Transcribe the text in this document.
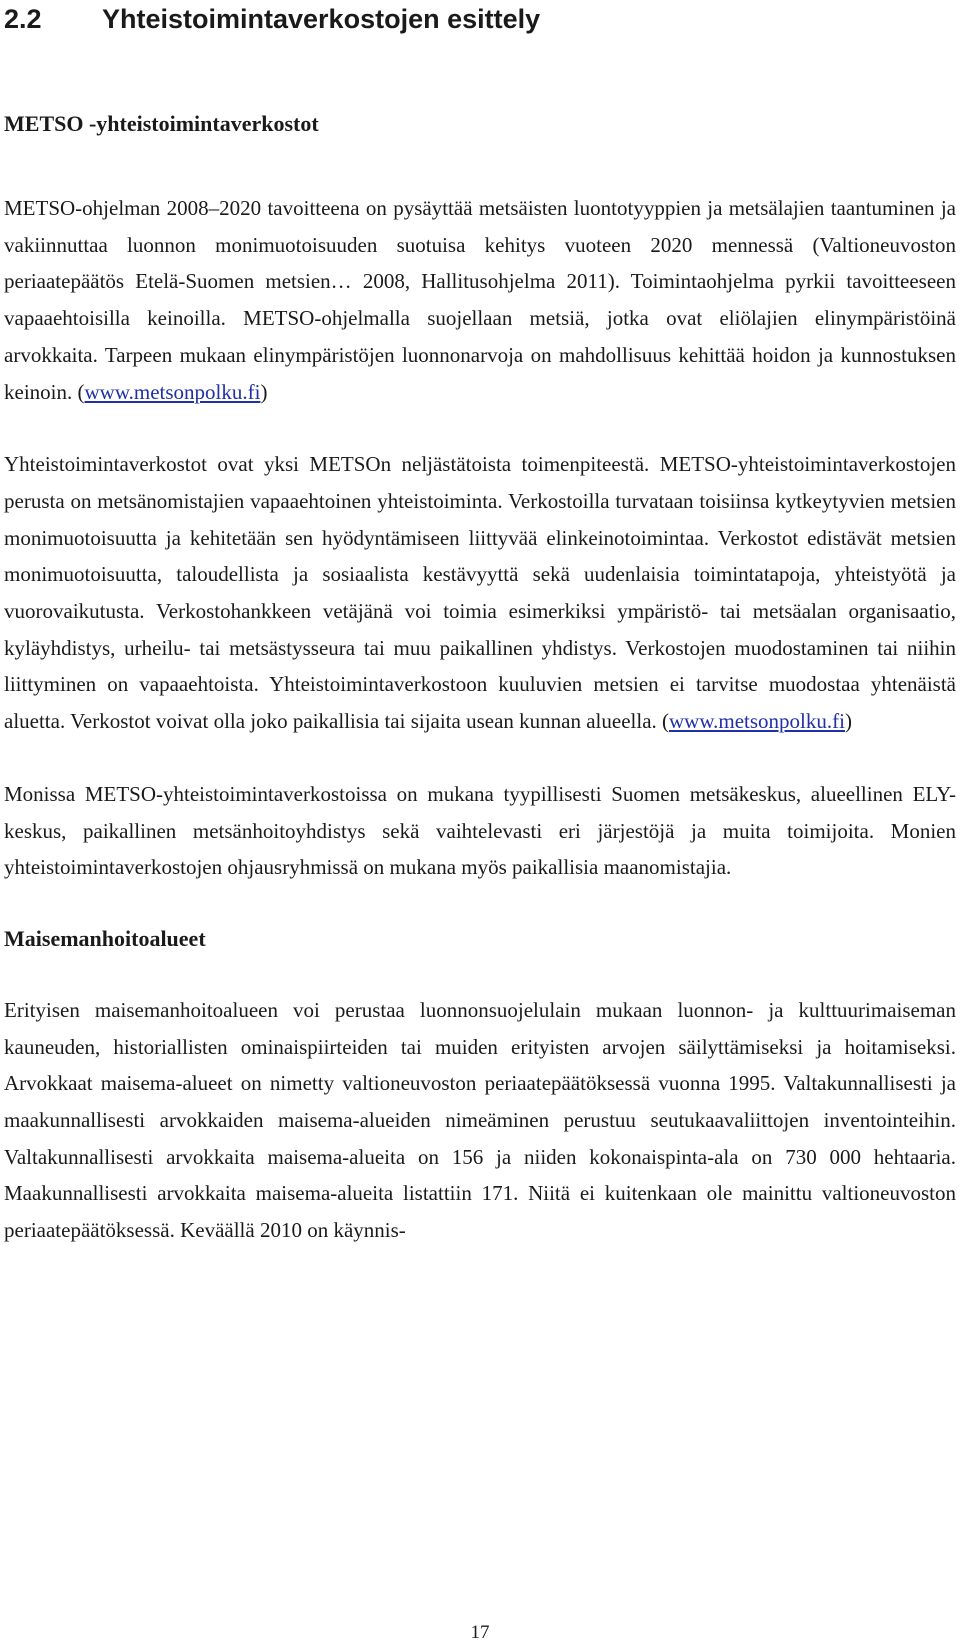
2.2 Yhteistoimintaverkostojen esittely
METSO -yhteistoimintaverkostot

METSO-ohjelman 2008–2020 tavoitteena on pysäyttää metsäisten luontotyyppien ja metsälajien taantuminen ja vakiinnuttaa luonnon monimuotoisuuden suotuisa kehitys vuoteen 2020 mennessä (Valtioneuvoston periaatepäätös Etelä-Suomen metsien… 2008, Hallitusohjelma 2011). Toimintaohjelma pyrkii tavoitteeseen vapaaehtoisilla keinoilla. METSO-ohjelmalla suojellaan metsiä, jotka ovat eliölajien elinympäristöinä arvokkaita. Tarpeen mukaan elinympäristöjen luonnonarvoja on mahdollisuus kehittää hoidon ja kunnostuksen keinoin. (www.metsonpolku.fi)

Yhteistoimintaverkostot ovat yksi METSOn neljästätoista toimenpiteestä. METSO-yhteistoimintaverkostojen perusta on metsänomistajien vapaaehtoinen yhteistoiminta. Verkostoilla turvataan toisiinsa kytkeytyvien metsien monimuotoisuutta ja kehitetään sen hyödyntämiseen liittyvää elinkeinotoimintaa. Verkostot edistävät metsien monimuotoisuutta, taloudellista ja sosiaalista kestävyyttä sekä uudenlaisia toimintatapoja, yhteistyötä ja vuorovaikutusta. Verkostohankkeen vetäjänä voi toimia esimerkiksi ympäristö- tai metsäalan organisaatio, kyläyhdistys, urheilu- tai metsästysseura tai muu paikallinen yhdistys. Verkostojen muodostaminen tai niihin liittyminen on vapaaehtoista. Yhteistoimintaverkostoon kuuluvien metsien ei tarvitse muodostaa yhtenäistä aluetta. Verkostot voivat olla joko paikallisia tai sijaita usean kunnan alueella. (www.metsonpolku.fi)

Monissa METSO-yhteistoimintaverkostoissa on mukana tyypillisesti Suomen metsäkeskus, alueellinen ELY-keskus, paikallinen metsänhoitoyhdistys sekä vaihtelevasti eri järjestöjä ja muita toimijoita. Monien yhteistoimintaverkostojen ohjausryhmissä on mukana myös paikallisia maanomistajia.

Maisemanhoitoalueet

Erityisen maisemanhoitoalueen voi perustaa luonnonsuojelulain mukaan luonnon- ja kulttuurimaiseman kauneuden, historiallisten ominaispiirteiden tai muiden erityisten arvojen säilyttämiseksi ja hoitamiseksi. Arvokkaat maisema-alueet on nimetty valtioneuvoston periaatepäätöksessä vuonna 1995. Valtakunnallisesti ja maakunnallisesti arvokkaiden maisema-alueiden nimeäminen perustuu seutukaavaliittojen inventointeihin. Valtakunnallisesti arvokkaita maisema-alueita on 156 ja niiden kokonaispinta-ala on 730 000 hehtaaria. Maakunnallisesti arvokkaita maisema-alueita listattiin 171. Niitä ei kuitenkaan ole mainittu valtioneuvoston periaatepäätöksessä. Keväällä 2010 on käynnis-

17
